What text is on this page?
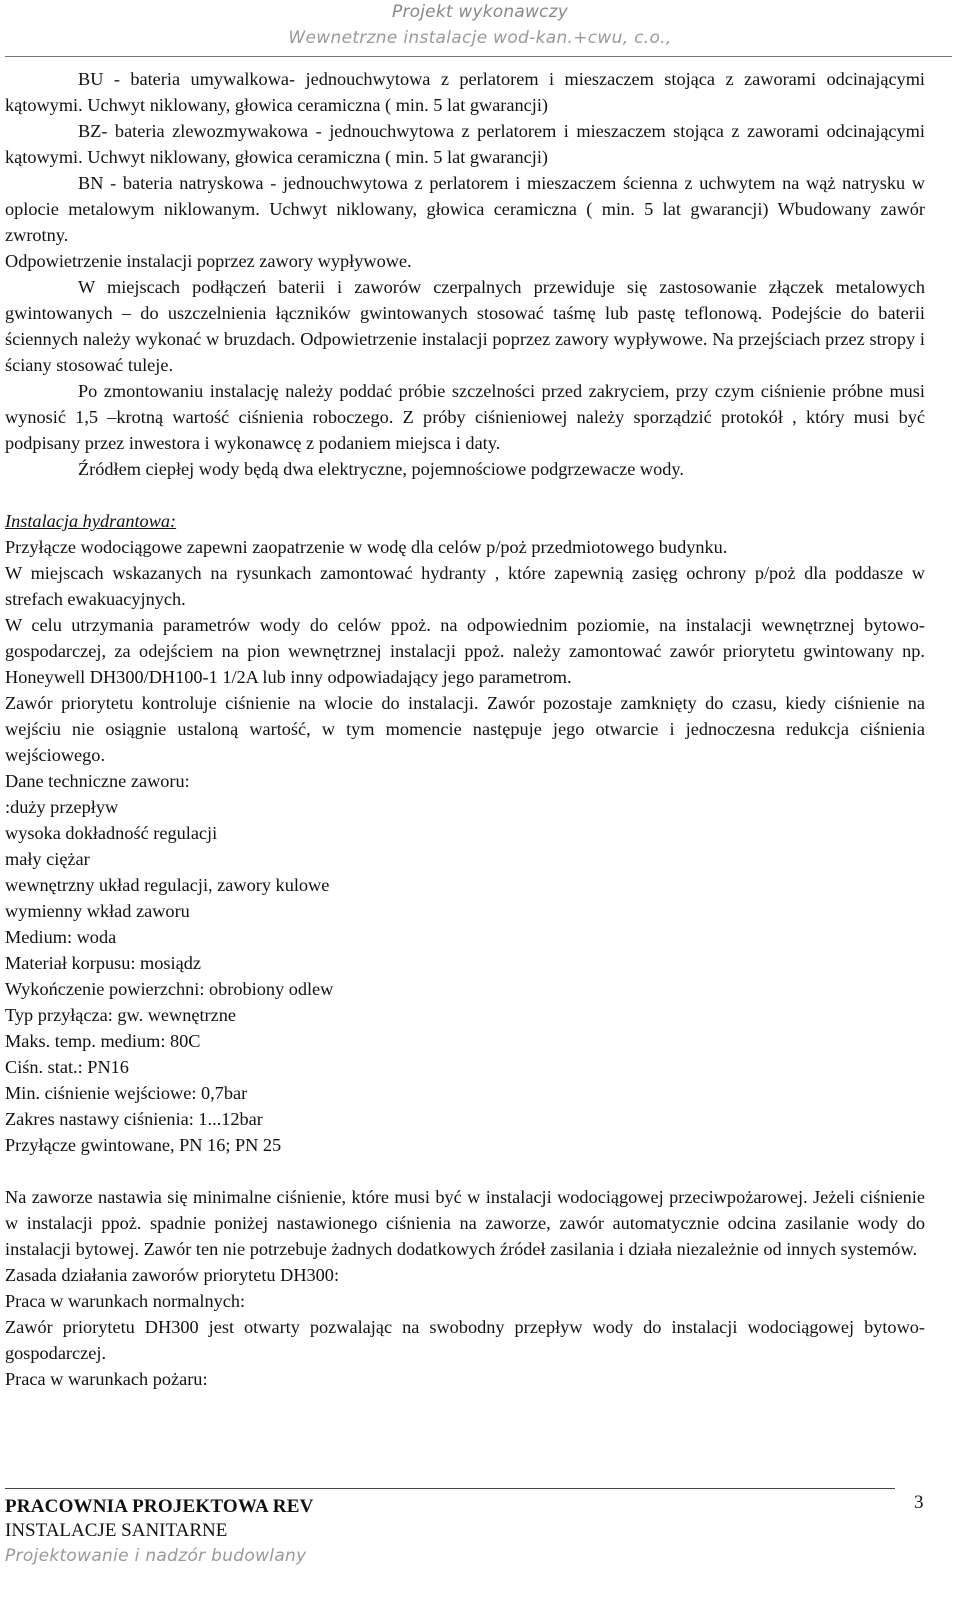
Projekt wykonawczy
Wewnetrzne instalacje wod-kan.+cwu, c.o.,

BU - bateria umywalkowa- jednouchwytowa z perlatorem i mieszaczem stojąca z zaworami odcinającymi kątowymi. Uchwyt niklowany, głowica ceramiczna ( min. 5 lat gwarancji)

BZ- bateria zlewozmywakowa - jednouchwytowa z perlatorem i mieszaczem stojąca z zaworami odcinającymi kątowymi. Uchwyt niklowany, głowica ceramiczna ( min. 5 lat gwarancji)

BN - bateria natryskowa - jednouchwytowa z perlatorem i mieszaczem ścienna z uchwytem na wąż natrysku w oplocie metalowym niklowanym. Uchwyt niklowany, głowica ceramiczna ( min. 5 lat gwarancji) Wbudowany zawór zwrotny.

Odpowietrzenie instalacji poprzez zawory wypływowe.

W miejscach podłączeń baterii i zaworów czerpalnych przewiduje się zastosowanie złączek metalowych gwintowanych – do uszczelnienia łączników gwintowanych stosować taśmę lub pastę teflonową. Podejście do baterii ściennych należy wykonać w bruzdach. Odpowietrzenie instalacji poprzez zawory wypływowe. Na przejściach przez stropy i ściany stosować tuleje.

Po zmontowaniu instalację należy poddać próbie szczelności przed zakryciem, przy czym ciśnienie próbne musi wynosić 1,5 –krotną wartość ciśnienia roboczego. Z próby ciśnieniowej należy sporządzić protokół , który musi być podpisany przez inwestora i wykonawcę z podaniem miejsca i daty.

Źródłem ciepłej wody będą dwa elektryczne, pojemnościowe podgrzewacze wody.

Instalacja hydrantowa:

Przyłącze wodociągowe zapewni zaopatrzenie w wodę dla celów p/poż przedmiotowego budynku.

W miejscach wskazanych na rysunkach zamontować hydranty , które zapewnią zasięg ochrony p/poż dla poddasze w strefach ewakuacyjnych.

W celu utrzymania parametrów wody do celów ppoż. na odpowiednim poziomie, na instalacji wewnętrznej bytowo-gospodarczej, za odejściem na pion wewnętrznej instalacji ppoż. należy zamontować zawór priorytetu gwintowany np. Honeywell DH300/DH100-1 1/2A lub inny odpowiadający jego parametrom.

Zawór priorytetu kontroluje ciśnienie na wlocie do instalacji. Zawór pozostaje zamknięty do czasu, kiedy ciśnienie na wejściu nie osiągnie ustaloną wartość, w tym momencie następuje jego otwarcie i jednoczesna redukcja ciśnienia wejściowego.

Dane techniczne zaworu:

:duży przepływ

wysoka dokładność regulacji

mały ciężar

wewnętrzny układ regulacji, zawory kulowe

wymienny wkład zaworu

Medium: woda

Materiał korpusu: mosiądz

Wykończenie powierzchni: obrobiony odlew

Typ przyłącza: gw. wewnętrzne

Maks. temp. medium: 80C

Ciśn. stat.: PN16

Min. ciśnienie wejściowe: 0,7bar

Zakres nastawy ciśnienia: 1...12bar

Przyłącze gwintowane, PN 16; PN 25

Na zaworze nastawia się minimalne ciśnienie, które musi być w instalacji wodociągowej przeciwpożarowej. Jeżeli ciśnienie w instalacji ppoż. spadnie poniżej nastawionego ciśnienia na zaworze, zawór automatycznie odcina zasilanie wody do instalacji bytowej. Zawór ten nie potrzebuje żadnych dodatkowych źródeł zasilania i działa niezależnie od innych systemów.

Zasada działania zaworów priorytetu DH300:

Praca w warunkach normalnych:

Zawór priorytetu DH300 jest otwarty pozwalając na swobodny przepływ wody do instalacji wodociągowej bytowo-gospodarczej.

Praca w warunkach pożaru:

3
PRACOWNIA PROJEKTOWA REV
INSTALACJE SANITARNE
Projektowanie i nadzór budowlany
